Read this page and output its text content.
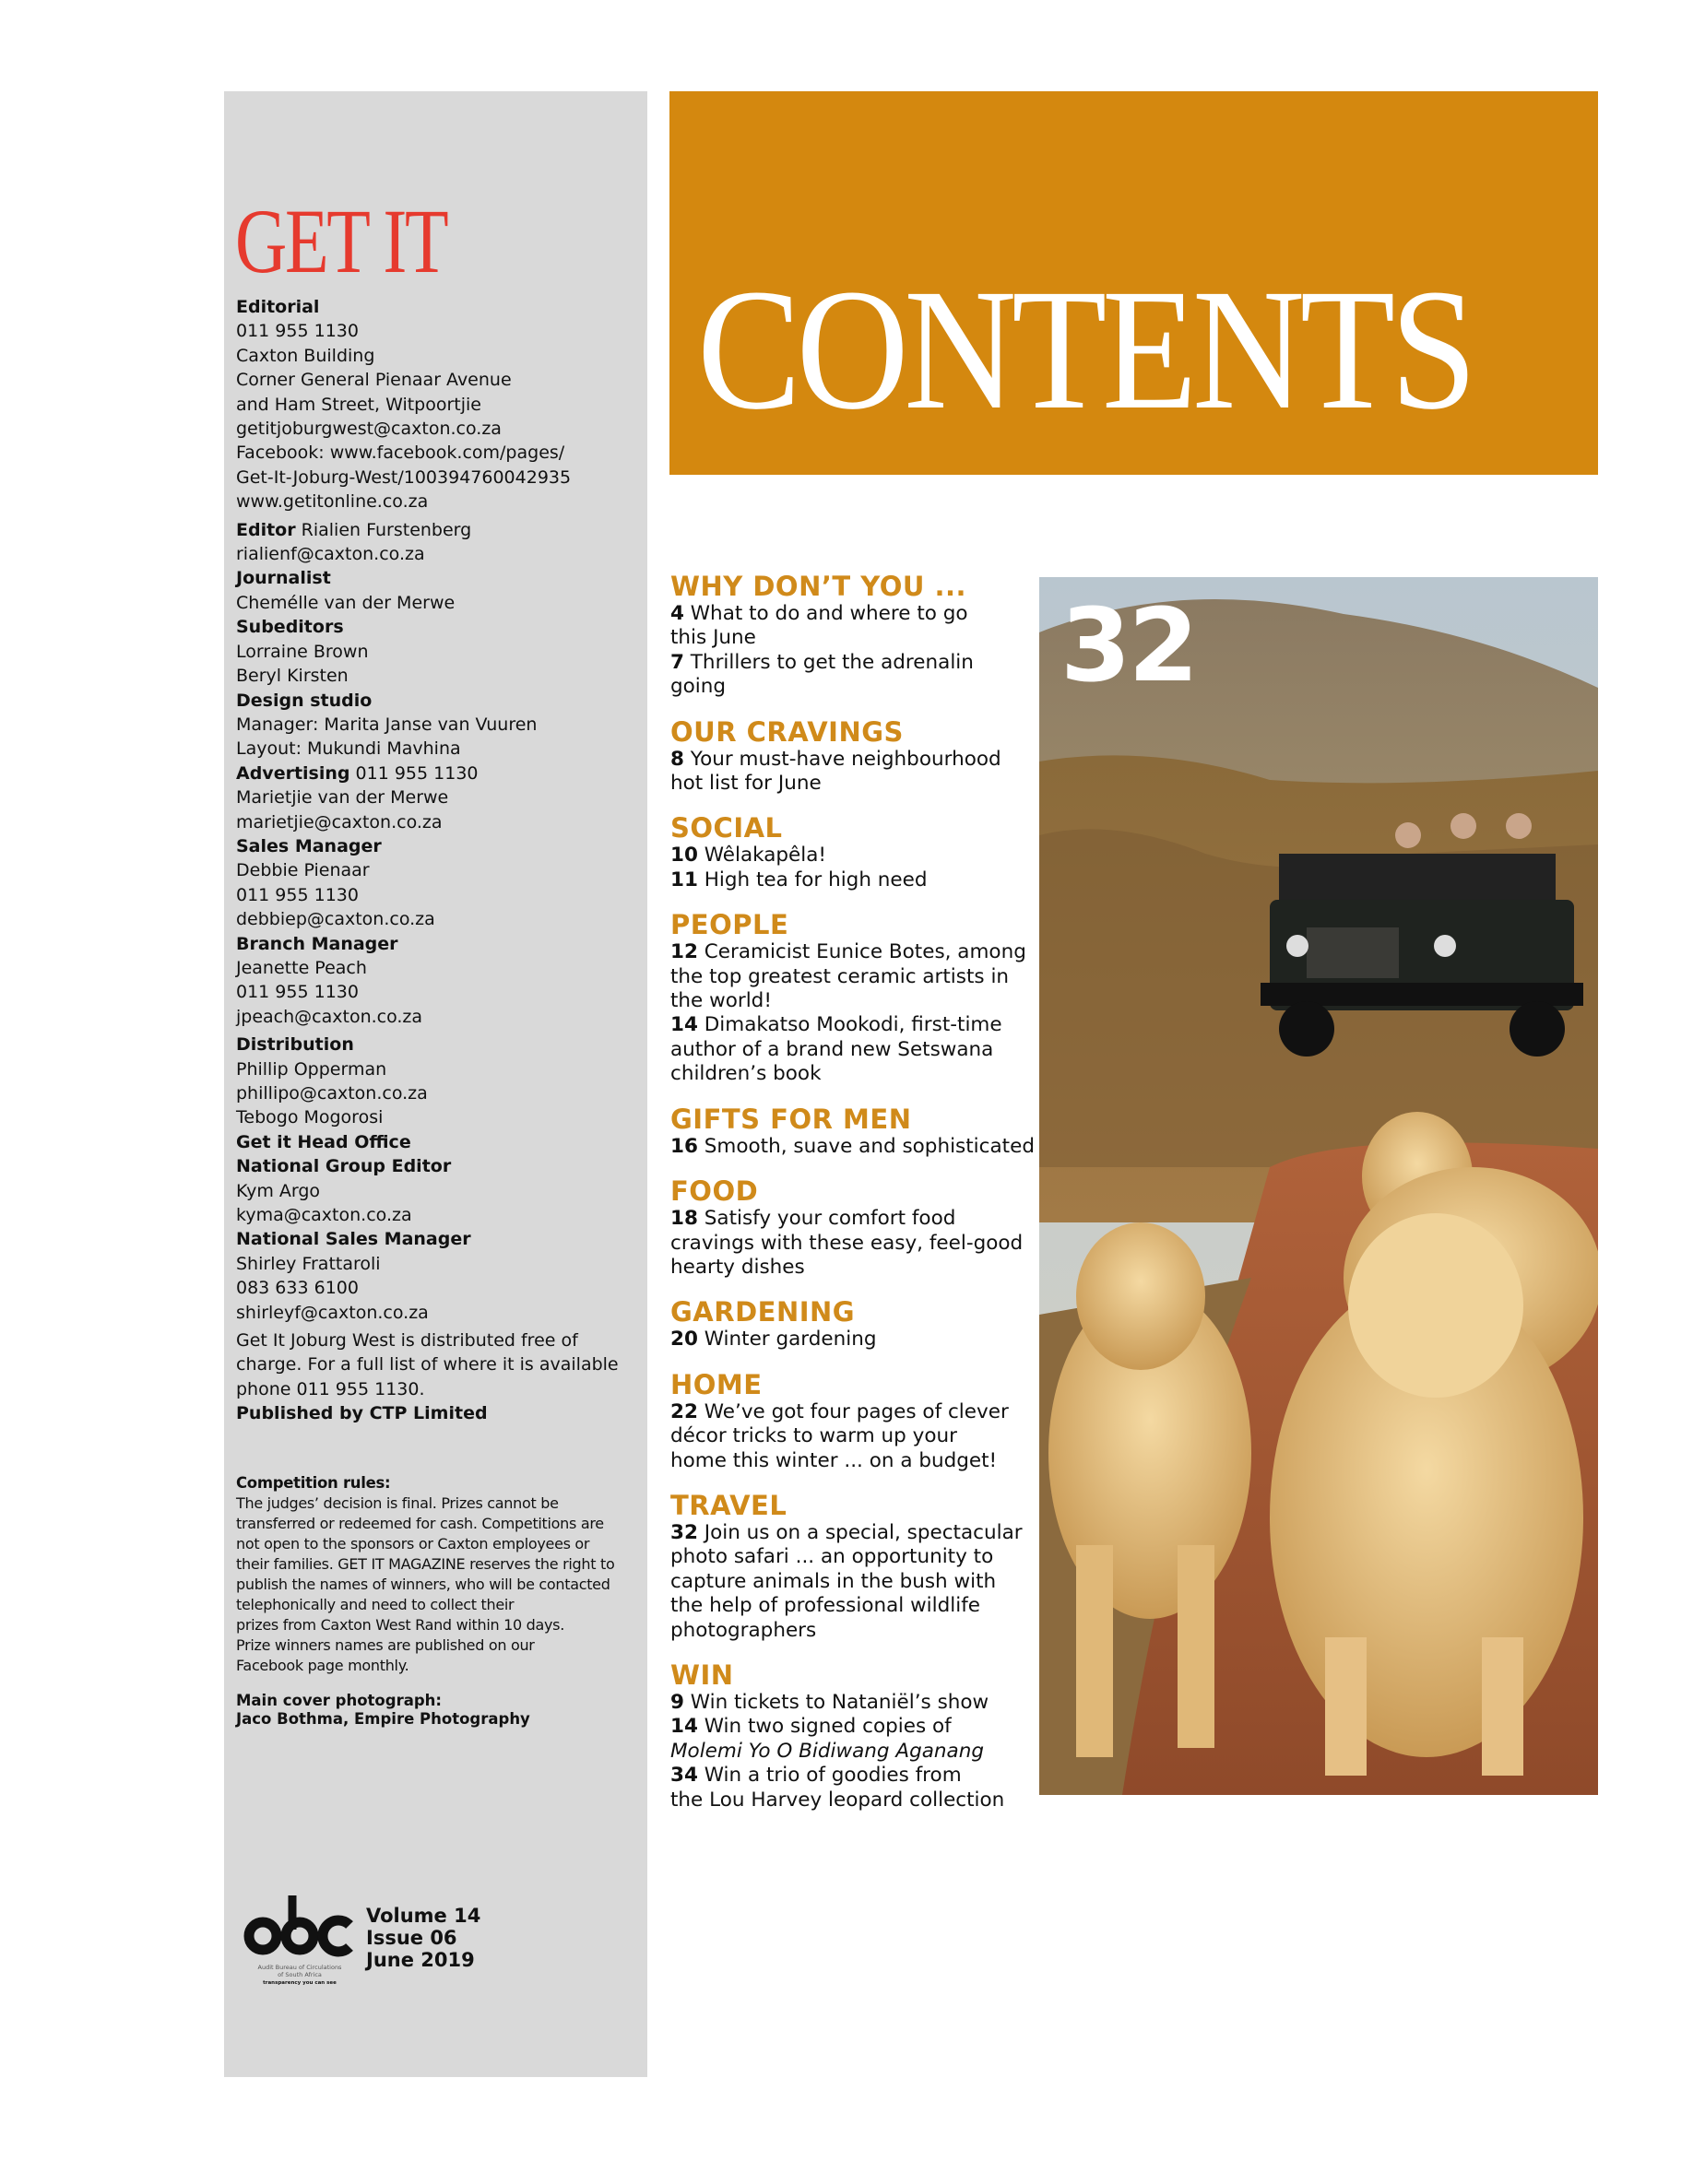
GET IT
Editorial
011 955 1130
Caxton Building
Corner General Pienaar Avenue
and Ham Street, Witpoortjie
getitjoburgwest@caxton.co.za
Facebook: www.facebook.com/pages/
Get-It-Joburg-West/100394760042935
www.getitonline.co.za
Editor Rialien Furstenberg
rialienf@caxton.co.za
Journalist
Chemélle van der Merwe
Subeditors
Lorraine Brown
Beryl Kirsten
Design studio
Manager: Marita Janse van Vuuren
Layout: Mukundi Mavhina
Advertising 011 955 1130
Marietjie van der Merwe
marietjie@caxton.co.za
Sales Manager
Debbie Pienaar
011 955 1130
debbiep@caxton.co.za
Branch Manager
Jeanette Peach
011 955 1130
jpeach@caxton.co.za
Distribution
Phillip Opperman
phillipo@caxton.co.za
Tebogo Mogorosi
Get it Head Office
National Group Editor
Kym Argo
kyma@caxton.co.za
National Sales Manager
Shirley Frattaroli
083 633 6100
shirleyf@caxton.co.za
Get It Joburg West is distributed free of
charge. For a full list of where it is available
phone 011 955 1130.
Published by CTP Limited
Competition rules:
The judges’ decision is final. Prizes cannot be
transferred or redeemed for cash. Competitions are
not open to the sponsors or Caxton employees or
their families. GET IT MAGAZINE reserves the right to
publish the names of winners, who will be contacted
telephonically and need to collect their
prizes from Caxton West Rand within 10 days.
Prize winners names are published on our
Facebook page monthly.
Main cover photograph:
Jaco Bothma, Empire Photography
Audit Bureau of Circulations
of South Africa
transparency you can see
Volume 14
Issue 06
June 2019
CONTENTS
WHY DON’T YOU ...
4 What to do and where to go
this June
7 Thrillers to get the adrenalin going
OUR CRAVINGS
8 Your must-have neighbourhood
hot list for June
SOCIAL
10 Wêlakapêla!
11 High tea for high need
PEOPLE
12 Ceramicist Eunice Botes, among
the top greatest ceramic artists in
the world!
14 Dimakatso Mookodi, first-time
author of a brand new Setswana
children’s book
GIFTS FOR MEN
16 Smooth, suave and sophisticated
FOOD
18 Satisfy your comfort food
cravings with these easy, feel-good
hearty dishes
GARDENING
20 Winter gardening
HOME
22 We’ve got four pages of clever
décor tricks to warm up your
home this winter ... on a budget!
TRAVEL
32 Join us on a special, spectacular
photo safari ... an opportunity to
capture animals in the bush with
the help of professional wildlife
photographers
WIN
9 Win tickets to Nataniël’s show
14 Win two signed copies of
Molemi Yo O Bidiwang Aganang
34 Win a trio of goodies from
the Lou Harvey leopard collection
32
